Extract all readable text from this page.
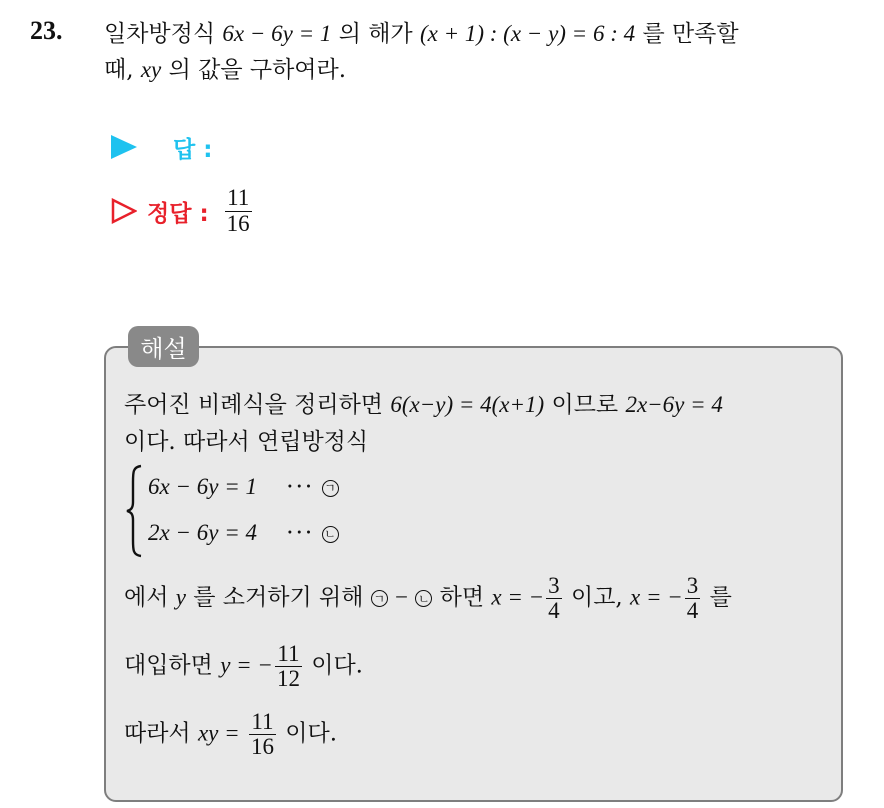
23. 일차방정식 6x − 6y = 1 의 해가 (x + 1) : (x − y) = 6 : 4 를 만족할
때, xy 의 값을 구하여라.
답 :
정답 : $\frac{11}{16}$
해설
주어진 비례식을 정리하면 6(x−y) = 4(x+1) 이므로 2x−6y = 4
이다. 따라서 연립방정식
6x − 6y = 1 ··· ㄱ
2x − 6y = 4 ··· ㄴ
에서 y 를 소거하기 위해 ㄱ − ㄴ 하면 x = − $\frac{3}{4}$ 이고, x = − $\frac{3}{4}$ 를
대입하면 y = − $\frac{11}{12}$ 이다.
따라서 xy = $\frac{11}{16}$ 이다.
